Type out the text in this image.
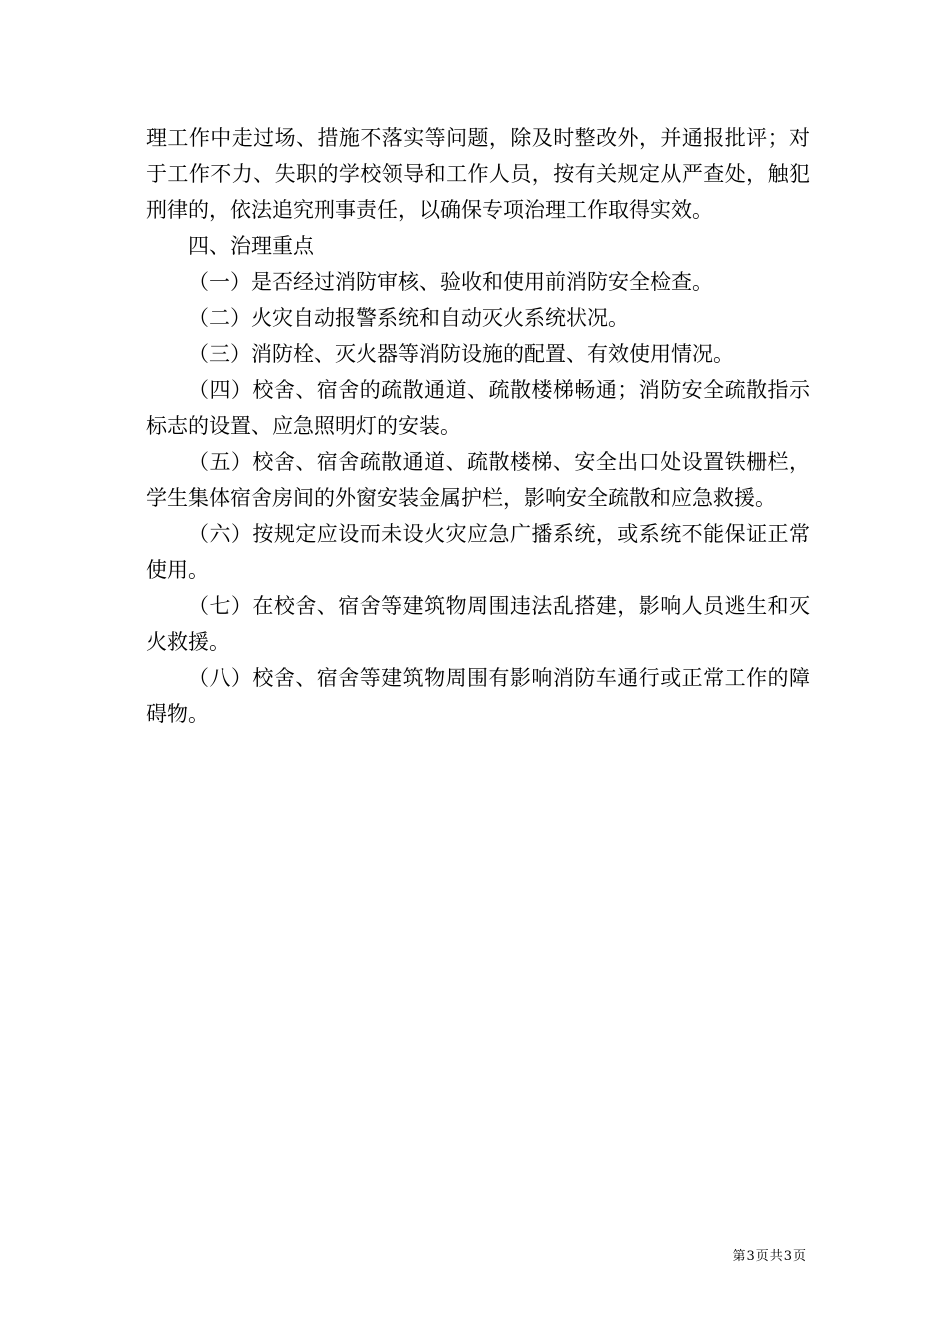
理工作中走过场、措施不落实等问题，除及时整改外，并通报批评；对于工作不力、失职的学校领导和工作人员，按有关规定从严查处，触犯刑律的，依法追究刑事责任，以确保专项治理工作取得实效。

四、治理重点

（一）是否经过消防审核、验收和使用前消防安全检查。

（二）火灾自动报警系统和自动灭火系统状况。

（三）消防栓、灭火器等消防设施的配置、有效使用情况。

（四）校舍、宿舍的疏散通道、疏散楼梯畅通；消防安全疏散指示标志的设置、应急照明灯的安装。

（五）校舍、宿舍疏散通道、疏散楼梯、安全出口处设置铁栅栏，学生集体宿舍房间的外窗安装金属护栏，影响安全疏散和应急救援。

（六）按规定应设而未设火灾应急广播系统，或系统不能保证正常使用。

（七）在校舍、宿舍等建筑物周围违法乱搭建，影响人员逃生和灭火救援。

（八）校舍、宿舍等建筑物周围有影响消防车通行或正常工作的障碍物。

第3页共3页
